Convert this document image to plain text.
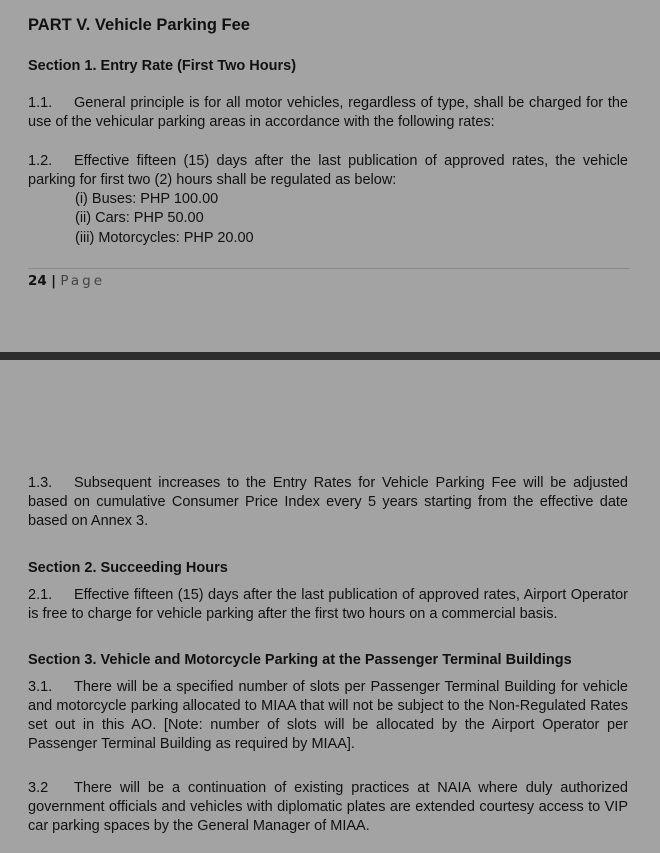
PART V. Vehicle Parking Fee
Section 1. Entry Rate (First Two Hours)

1.1. General principle is for all motor vehicles, regardless of type, shall be charged for the use of the vehicular parking areas in accordance with the following rates:

1.2. Effective fifteen (15) days after the last publication of approved rates, the vehicle parking for first two (2) hours shall be regulated as below:

(i) Buses: PHP 100.00
(ii) Cars: PHP 50.00
(iii) Motorcycles: PHP 20.00
24 | Page

1.3. Subsequent increases to the Entry Rates for Vehicle Parking Fee will be adjusted based on cumulative Consumer Price Index every 5 years starting from the effective date based on Annex 3.

Section 2. Succeeding Hours

2.1. Effective fifteen (15) days after the last publication of approved rates, Airport Operator is free to charge for vehicle parking after the first two hours on a commercial basis.

Section 3. Vehicle and Motorcycle Parking at the Passenger Terminal Buildings

3.1. There will be a specified number of slots per Passenger Terminal Building for vehicle and motorcycle parking allocated to MIAA that will not be subject to the Non-Regulated Rates set out in this AO. [Note: number of slots will be allocated by the Airport Operator per Passenger Terminal Building as required by MIAA].

3.2 There will be a continuation of existing practices at NAIA where duly authorized government officials and vehicles with diplomatic plates are extended courtesy access to VIP car parking spaces by the General Manager of MIAA.
